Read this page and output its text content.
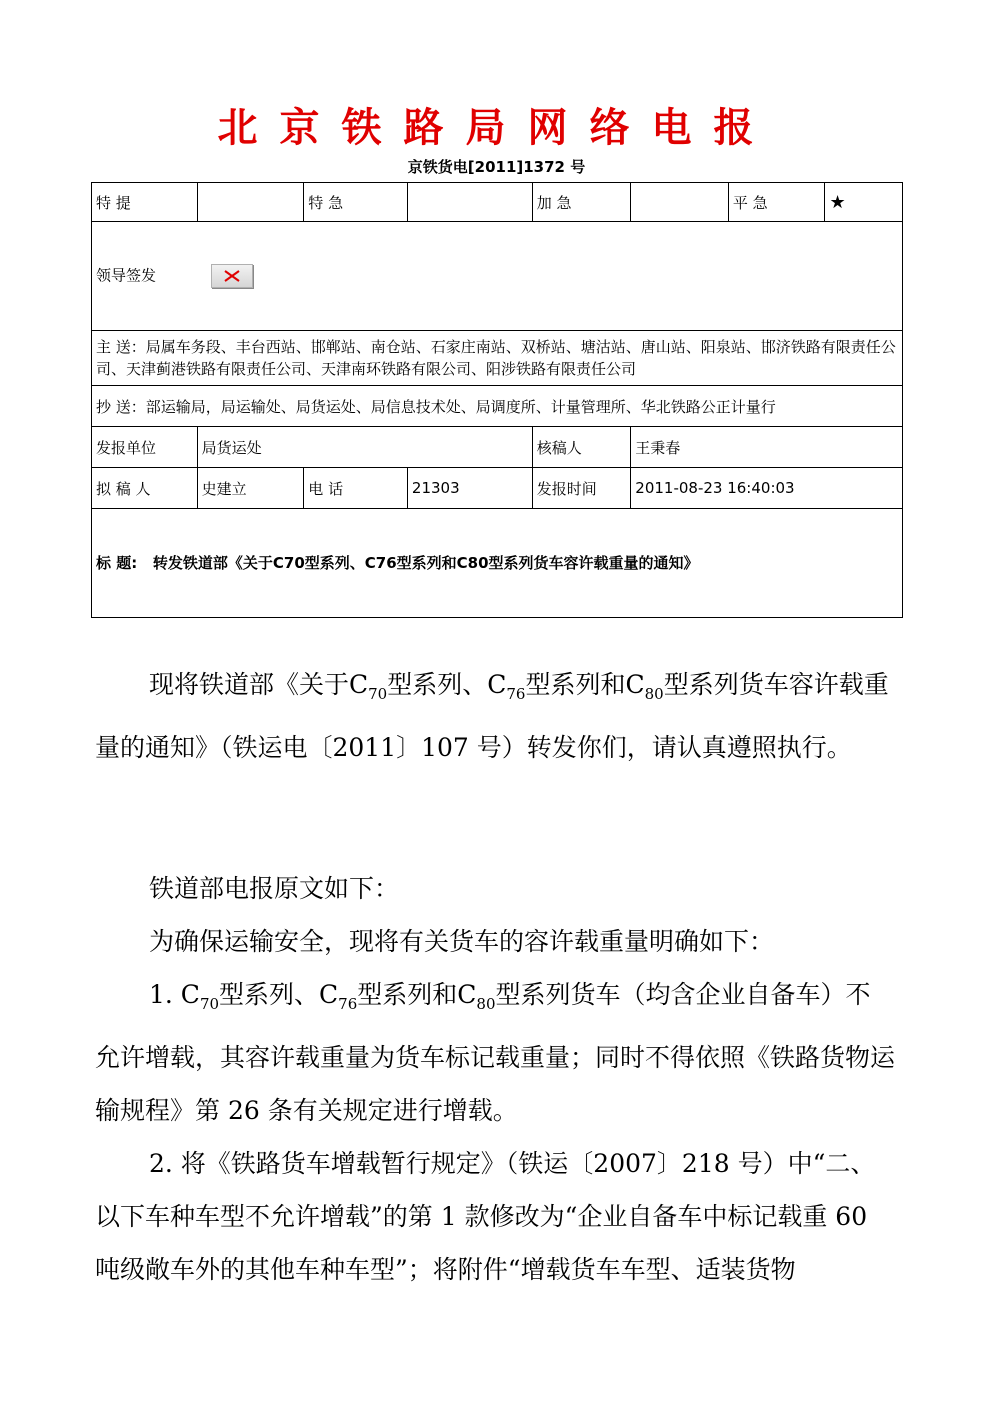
北京铁路局网络电报
京铁货电[2011]1372 号
特 提		特 急		加 急		平 急	★
领导签发							

主 送：局属车务段、丰台西站、邯郸站、南仓站、石家庄南站、双桥站、塘沽站、唐山站、阳泉站、邯济铁路有限责任公司、天津蓟港铁路有限责任公司、天津南环铁路有限公司、阳涉铁路有限责任公司							
抄 送：部运输局，局运输处、局货运处、局信息技术处、局调度所、计量管理所、华北铁路公正计量行							
发报单位	局货运处			核稿人	王秉春		
拟 稿 人	史建立	电 话	21303	发报时间	2011-08-23 16:40:03		
标 题: 转发铁道部《关于C70型系列、C76型系列和C80型系列货车容许载重量的通知》							

现将铁道部《关于$C_{70}$型系列、$C_{76}$型系列和$C_{80}$型系列货车容许载重量的通知》（铁运电〔2011〕107 号）转发你们，请认真遵照执行。

铁道部电报原文如下：

为确保运输安全，现将有关货车的容许载重量明确如下：

1. $C_{70}$型系列、$C_{76}$型系列和$C_{80}$型系列货车（均含企业自备车）不允许增载，其容许载重量为货车标记载重量；同时不得依照《铁路货物运输规程》第 26 条有关规定进行增载。

2. 将《铁路货车增载暂行规定》（铁运〔2007〕218 号）中“二、以下车种车型不允许增载”的第 1 款修改为“企业自备车中标记载重 60 吨级敞车外的其他车种车型”；将附件“增载货车车型、适装货物
